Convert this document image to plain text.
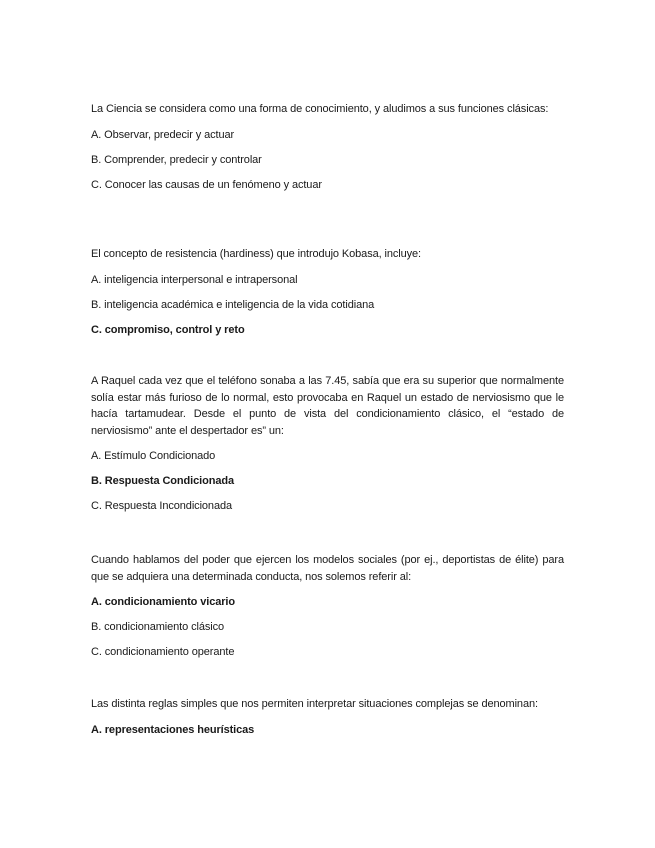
La Ciencia se considera como una forma de conocimiento, y aludimos a sus funciones clásicas:

A. Observar, predecir y actuar

B. Comprender, predecir y controlar

C. Conocer las causas de un fenómeno y actuar

El concepto de resistencia (hardiness) que introdujo Kobasa, incluye:

A. inteligencia interpersonal e intrapersonal

B. inteligencia académica e inteligencia de la vida cotidiana

C. compromiso, control y reto

A Raquel cada vez que el teléfono sonaba a las 7.45, sabía que era su superior que normalmente solía estar más furioso de lo normal, esto provocaba en Raquel un estado de nerviosismo que le hacía tartamudear. Desde el punto de vista del condicionamiento clásico, el “estado de nerviosismo” ante el despertador es” un:

A. Estímulo Condicionado

B. Respuesta Condicionada

C. Respuesta Incondicionada

Cuando hablamos del poder que ejercen los modelos sociales (por ej., deportistas de élite) para que se adquiera una determinada conducta, nos solemos referir al:

A. condicionamiento vicario

B. condicionamiento clásico

C. condicionamiento operante

Las distinta reglas simples que nos permiten interpretar situaciones complejas se denominan:

A. representaciones heurísticas
